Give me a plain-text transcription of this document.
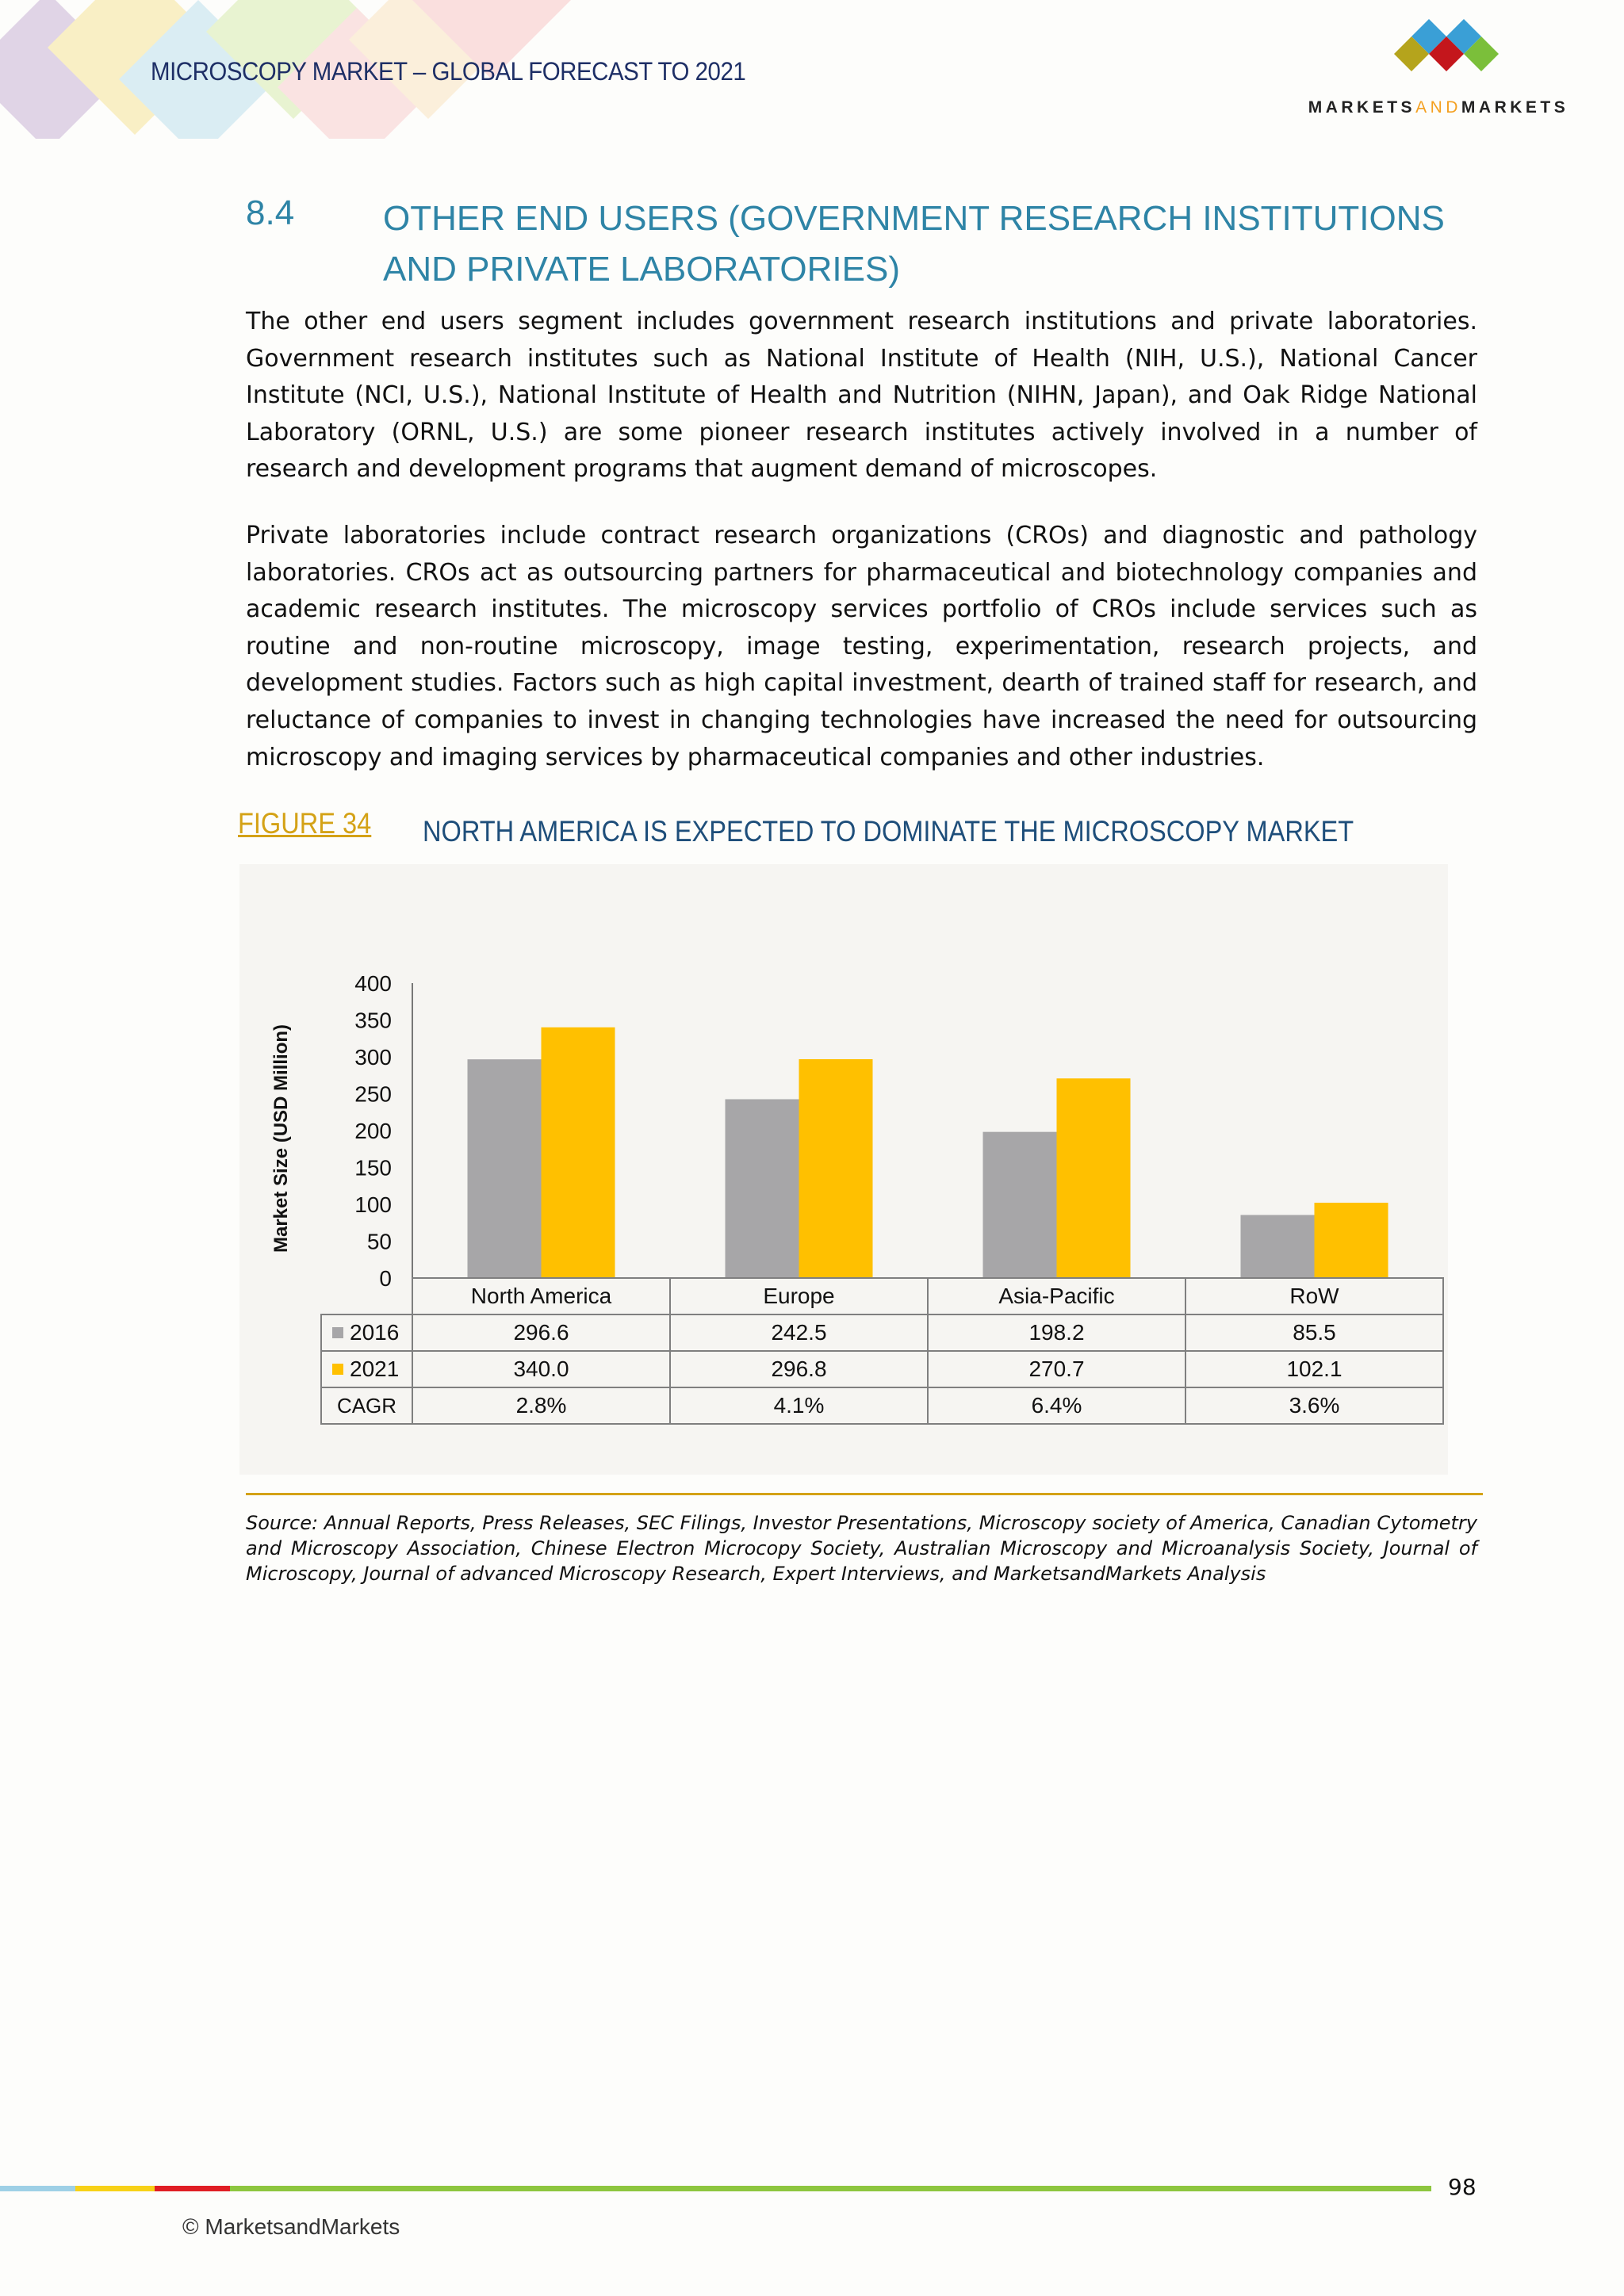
MICROSCOPY MARKET – GLOBAL FORECAST TO 2021
MARKETSANDMARKETS
8.4	OTHER END USERS (GOVERNMENT RESEARCH INSTITUTIONS AND PRIVATE LABORATORIES)

The other end users segment includes government research institutions and private laboratories. Government research institutes such as National Institute of Health (NIH, U.S.), National Cancer Institute (NCI, U.S.), National Institute of Health and Nutrition (NIHN, Japan), and Oak Ridge National Laboratory (ORNL, U.S.) are some pioneer research institutes actively involved in a number of research and development programs that augment demand of microscopes.

Private laboratories include contract research organizations (CROs) and diagnostic and pathology laboratories. CROs act as outsourcing partners for pharmaceutical and biotechnology companies and academic research institutes. The microscopy services portfolio of CROs include services such as routine and non-routine microscopy, image testing, experimentation, research projects, and development studies. Factors such as high capital investment, dearth of trained staff for research, and reluctance of companies to invest in changing technologies have increased the need for outsourcing microscopy and imaging services by pharmaceutical companies and other industries.

FIGURE 34 NORTH AMERICA IS EXPECTED TO DOMINATE THE MICROSCOPY MARKET
0
50
100
150
200
250
300
350
400
Market Size (USD Million)
North America	Europe	Asia-Pacific	RoW
2016	296.6	242.5	198.2	85.5
2021	340.0	296.8	270.7	102.1
CAGR	2.8%	4.1%	6.4%	3.6%
Source: Annual Reports, Press Releases, SEC Filings, Investor Presentations, Microscopy society of America, Canadian Cytometry and Microscopy Association, Chinese Electron Microcopy Society, Australian Microscopy and Microanalysis Society, Journal of Microscopy, Journal of advanced Microscopy Research, Expert Interviews, and MarketsandMarkets Analysis
98
© MarketsandMarkets
